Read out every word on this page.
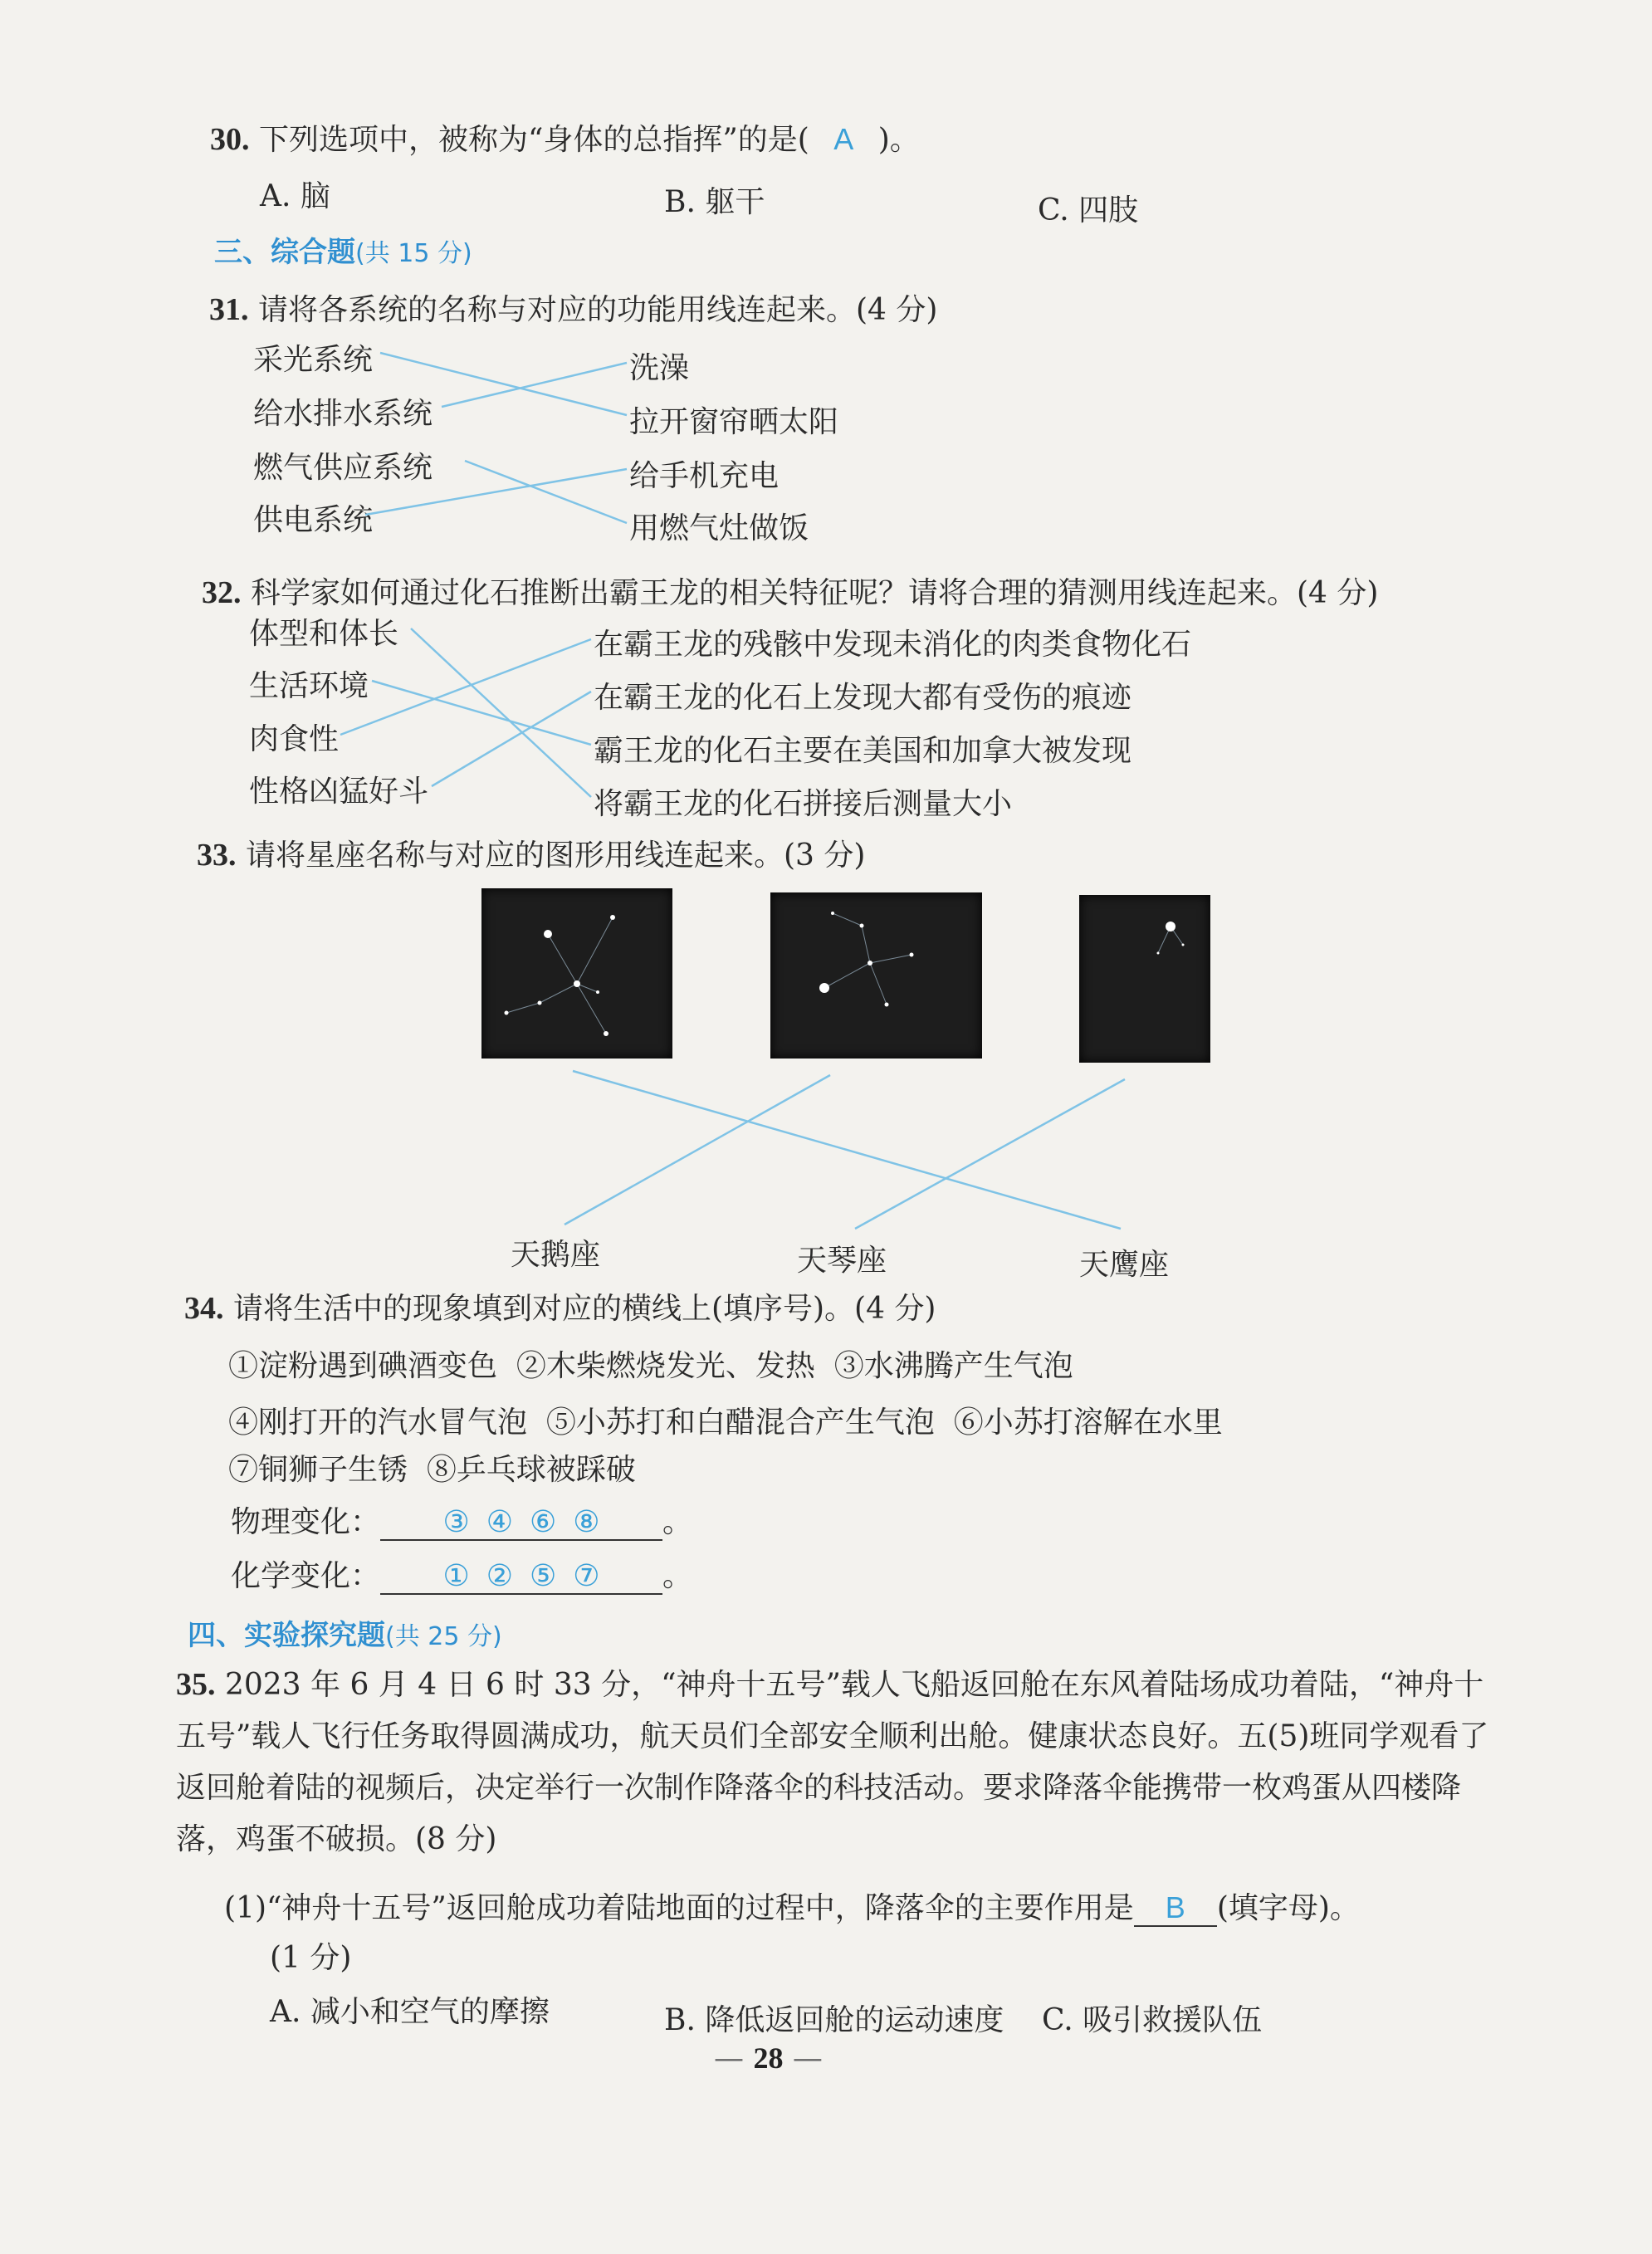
30. 下列选项中，被称为“身体的总指挥”的是( A )。
A. 脑	B. 躯干	C. 四肢
三、综合题(共 15 分)
31. 请将各系统的名称与对应的功能用线连起来。(4 分)
采光系统
给水排水系统
燃气供应系统
供电系统
洗澡
拉开窗帘晒太阳
给手机充电
用燃气灶做饭
32. 科学家如何通过化石推断出霸王龙的相关特征呢？请将合理的猜测用线连起来。(4 分)
体型和体长
生活环境
肉食性
性格凶猛好斗
在霸王龙的残骸中发现未消化的肉类食物化石
在霸王龙的化石上发现大都有受伤的痕迹
霸王龙的化石主要在美国和加拿大被发现
将霸王龙的化石拼接后测量大小
33. 请将星座名称与对应的图形用线连起来。(3 分)
天鹅座	天琴座	天鹰座
34. 请将生活中的现象填到对应的横线上(填序号)。(4 分)
①淀粉遇到碘酒变色  ②木柴燃烧发光、发热  ③水沸腾产生气泡
④刚打开的汽水冒气泡  ⑤小苏打和白醋混合产生气泡  ⑥小苏打溶解在水里
⑦铜狮子生锈  ⑧乒乓球被踩破
物理变化： ③  ④  ⑥  ⑧ 。
化学变化： ①  ②  ⑤  ⑦ 。
四、实验探究题(共 25 分)
35. 2023 年 6 月 4 日 6 时 33 分，“神舟十五号”载人飞船返回舱在东风着陆场成功着陆，“神舟十五号”载人飞行任务取得圆满成功，航天员们全部安全顺利出舱。健康状态良好。五(5)班同学观看了返回舱着陆的视频后，决定举行一次制作降落伞的科技活动。要求降落伞能携带一枚鸡蛋从四楼降落，鸡蛋不破损。(8 分)
(1)“神舟十五号”返回舱成功着陆地面的过程中，降落伞的主要作用是 B (填字母)。
(1 分)
A. 减小和空气的摩擦	B. 降低返回舱的运动速度 C. 吸引救援队伍
— 28 —
